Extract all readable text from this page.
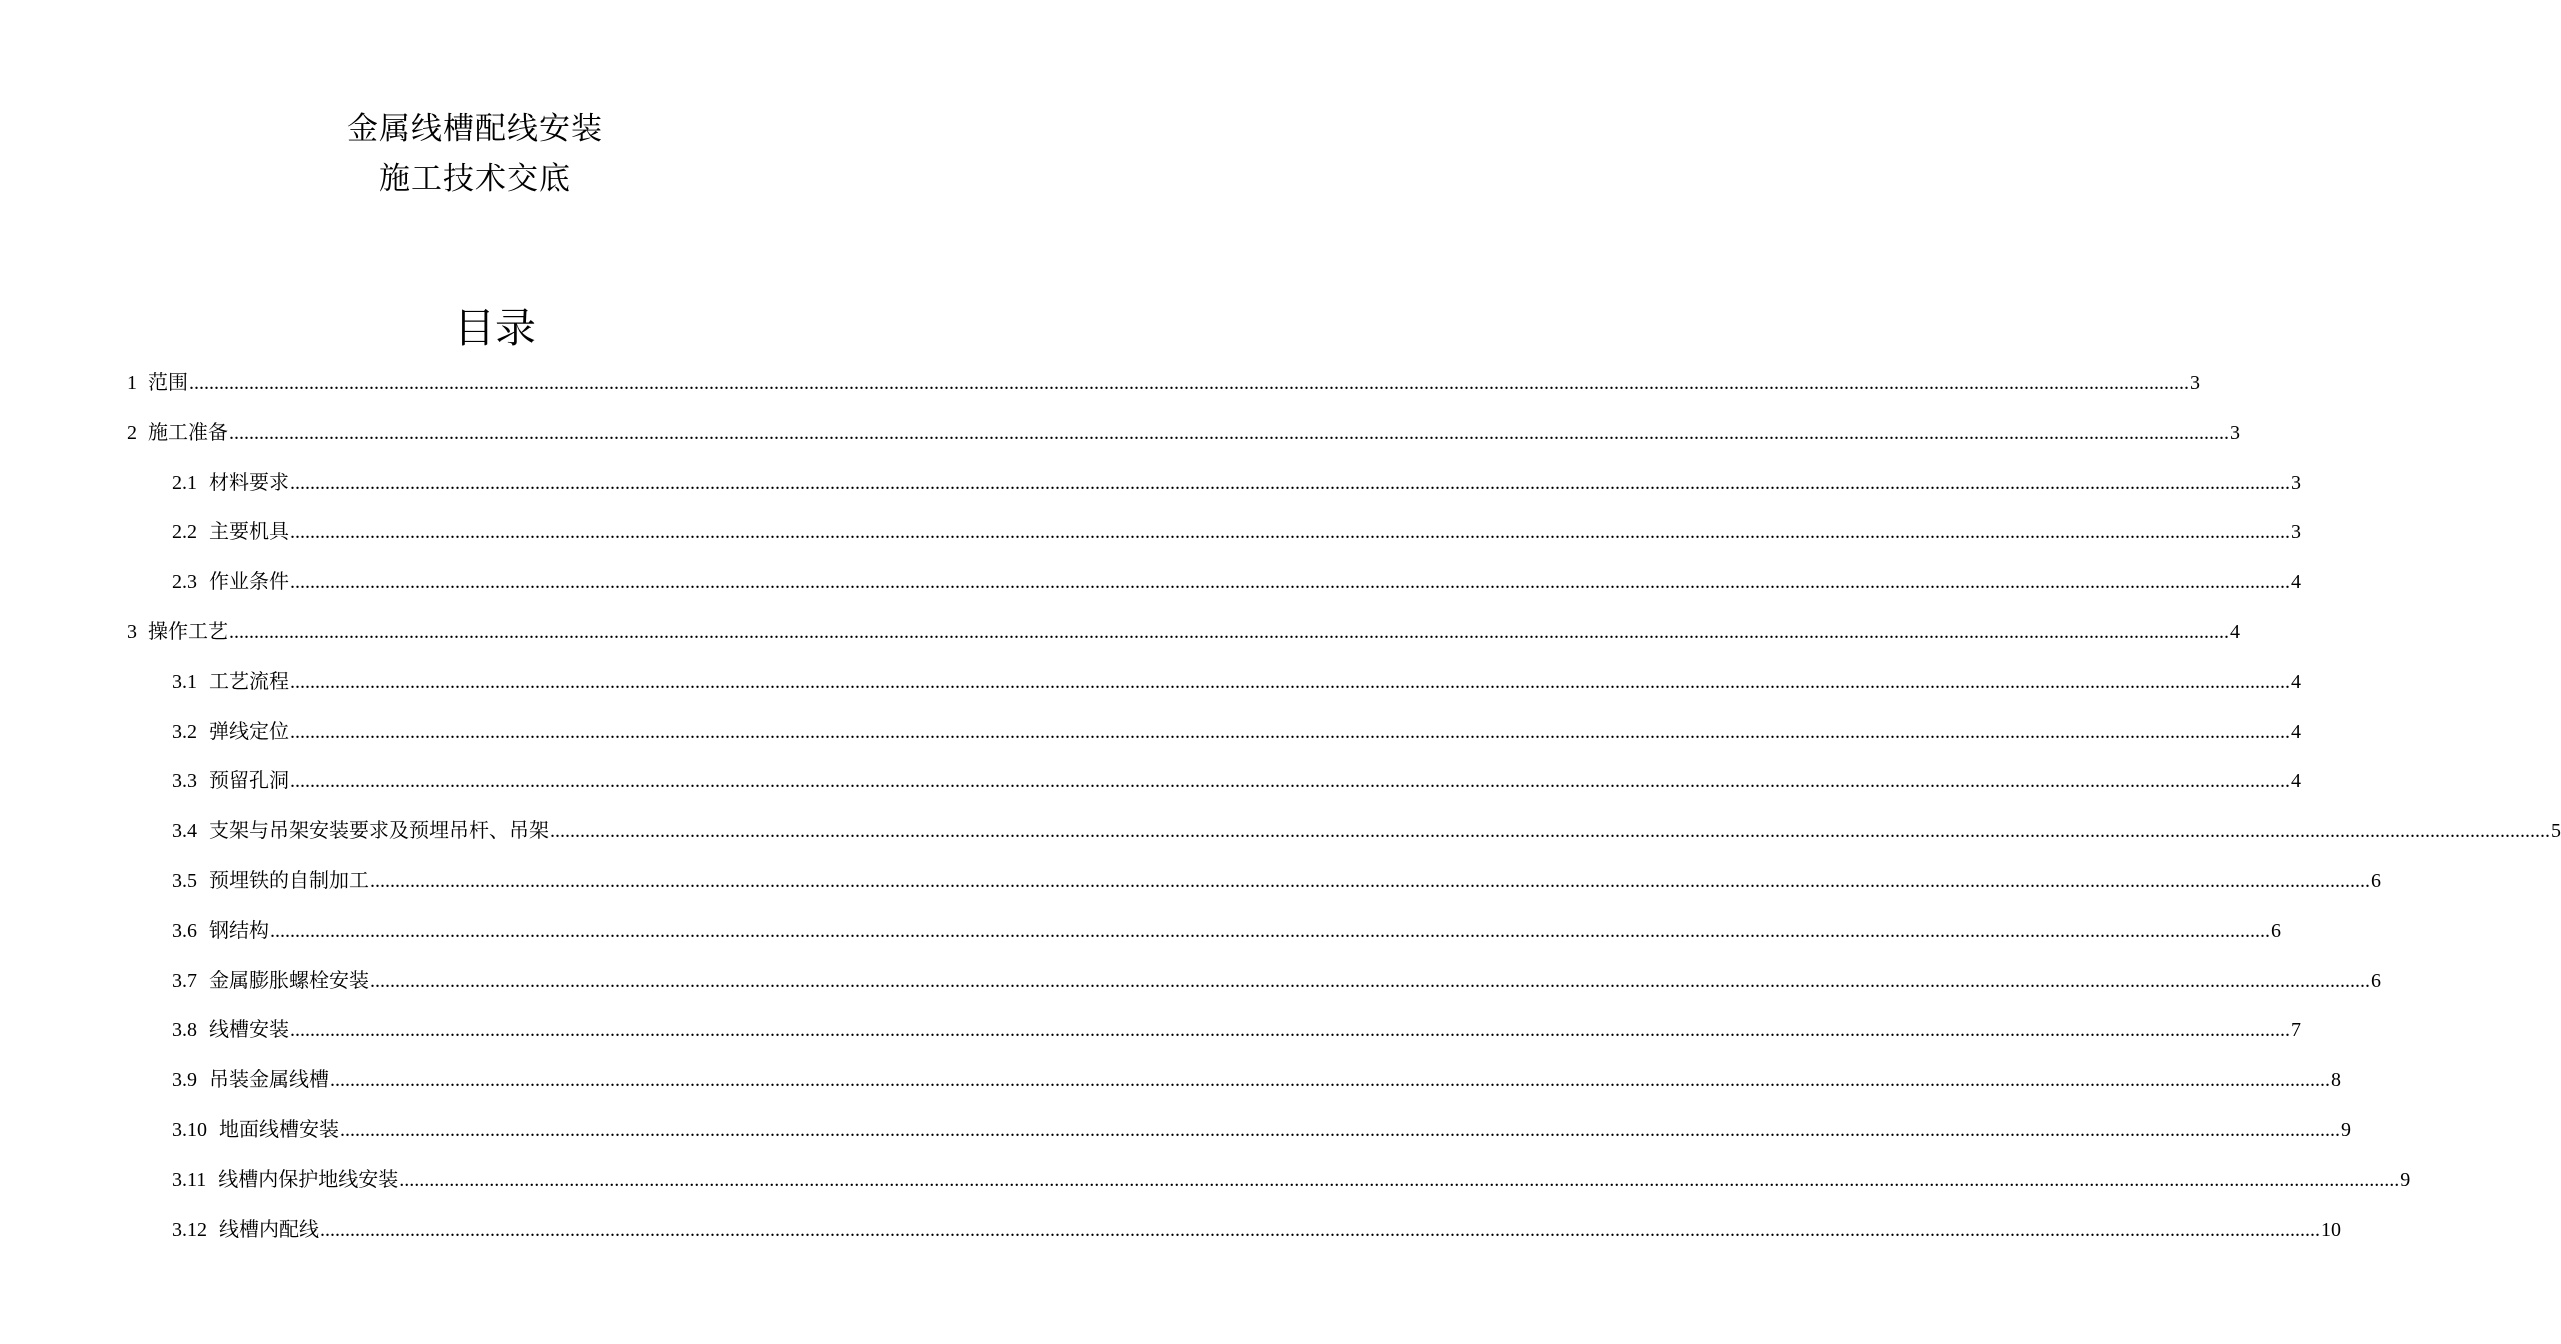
金属线槽配线安装
施工技术交底
目录
1 范围 ................................................................................................................................................................................................................................................................................................................................................................................................................ 3
2 施工准备 ................................................................................................................................................................................................................................................................................................................................................................................................................ 3
2.1 材料要求 ................................................................................................................................................................................................................................................................................................................................................................................................................ 3
2.2 主要机具 ................................................................................................................................................................................................................................................................................................................................................................................................................ 3
2.3 作业条件 ................................................................................................................................................................................................................................................................................................................................................................................................................ 4
3 操作工艺 ................................................................................................................................................................................................................................................................................................................................................................................................................ 4
3.1 工艺流程 ................................................................................................................................................................................................................................................................................................................................................................................................................ 4
3.2 弹线定位 ................................................................................................................................................................................................................................................................................................................................................................................................................ 4
3.3 预留孔洞 ................................................................................................................................................................................................................................................................................................................................................................................................................ 4
3.4 支架与吊架安装要求及预埋吊杆、吊架 ................................................................................................................................................................................................................................................................................................................................................................................................................ 5
3.5 预埋铁的自制加工 ................................................................................................................................................................................................................................................................................................................................................................................................................ 6
3.6 钢结构 ................................................................................................................................................................................................................................................................................................................................................................................................................ 6
3.7 金属膨胀螺栓安装 ................................................................................................................................................................................................................................................................................................................................................................................................................ 6
3.8 线槽安装 ................................................................................................................................................................................................................................................................................................................................................................................................................ 7
3.9 吊装金属线槽 ................................................................................................................................................................................................................................................................................................................................................................................................................ 8
3.10 地面线槽安装 ................................................................................................................................................................................................................................................................................................................................................................................................................ 9
3.11 线槽内保护地线安装 ................................................................................................................................................................................................................................................................................................................................................................................................................ 9
3.12 线槽内配线 ................................................................................................................................................................................................................................................................................................................................................................................................................ 10
